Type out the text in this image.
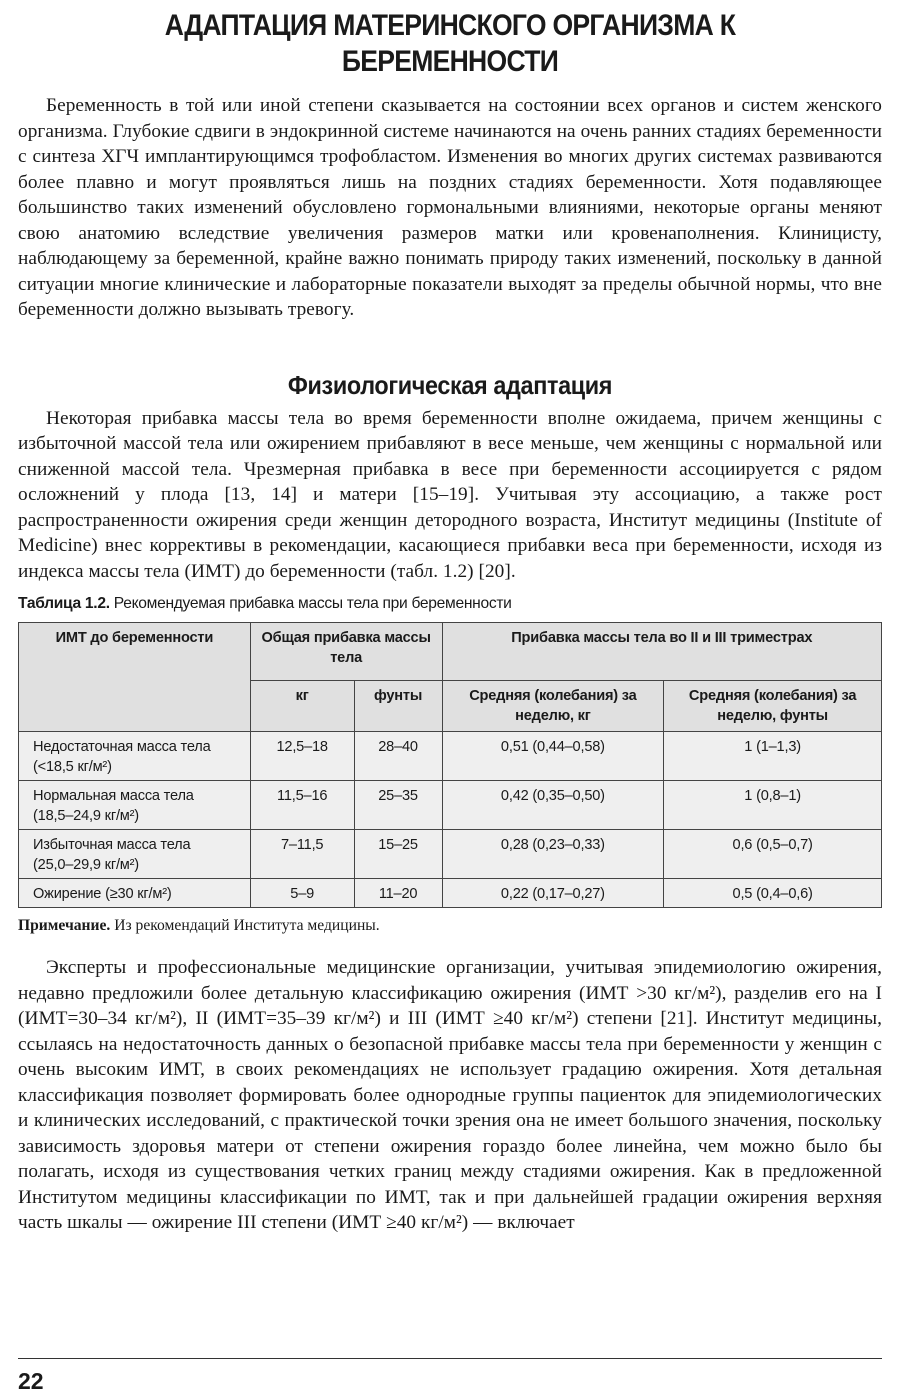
АДАПТАЦИЯ МАТЕРИНСКОГО ОРГАНИЗМА К БЕРЕМЕННОСТИ

Беременность в той или иной степени сказывается на состоянии всех органов и систем женского организма. Глубокие сдвиги в эндокринной системе начинаются на очень ранних стадиях беременности с синтеза ХГЧ имплантирующимся трофобластом. Изменения во многих других системах развиваются более плавно и могут проявляться лишь на поздних стадиях беременности. Хотя подавляющее большинство таких изменений обусловлено гормональными влияниями, некоторые органы меняют свою анатомию вследствие увеличения размеров матки или кровенаполнения. Клиницисту, наблюдающему за беременной, крайне важно понимать природу таких изменений, поскольку в данной ситуации многие клинические и лабораторные показатели выходят за пределы обычной нормы, что вне беременности должно вызывать тревогу.

Физиологическая адаптация

Некоторая прибавка массы тела во время беременности вполне ожидаема, причем женщины с избыточной массой тела или ожирением прибавляют в весе меньше, чем женщины с нормальной или сниженной массой тела. Чрезмерная прибавка в весе при беременности ассоциируется с рядом осложнений у плода [13, 14] и матери [15–19]. Учитывая эту ассоциацию, а также рост распространенности ожирения среди женщин детородного возраста, Институт медицины (Institute of Medicine) внес коррективы в рекомендации, касающиеся прибавки веса при беременности, исходя из индекса массы тела (ИМТ) до беременности (табл. 1.2) [20].

Таблица 1.2. Рекомендуемая прибавка массы тела при беременности
ИМТ до беременности	Общая прибавка массы тела		Прибавка массы тела во II и III триместрах	
	кг	фунты	Средняя (колебания) за неделю, кг	Средняя (колебания) за неделю, фунты

Недостаточная масса тела
(<18,5 кг/м²)	12,5–18	28–40	0,51 (0,44–0,58)	1 (1–1,3)

Нормальная масса тела
(18,5–24,9 кг/м²)	11,5–16	25–35	0,42 (0,35–0,50)	1 (0,8–1)

Избыточная масса тела
(25,0–29,9 кг/м²)	7–11,5	15–25	0,28 (0,23–0,33)	0,6 (0,5–0,7)

Ожирение (≥30 кг/м²)	5–9	11–20	0,22 (0,17–0,27)	0,5 (0,4–0,6)
Примечание. Из рекомендаций Института медицины.

Эксперты и профессиональные медицинские организации, учитывая эпидемиологию ожирения, недавно предложили более детальную классификацию ожирения (ИМТ >30 кг/м²), разделив его на I (ИМТ=30–34 кг/м²), II (ИМТ=35–39 кг/м²) и III (ИМТ ≥40 кг/м²) степени [21]. Институт медицины, ссылаясь на недостаточность данных о безопасной прибавке массы тела при беременности у женщин с очень высоким ИМТ, в своих рекомендациях не использует градацию ожирения. Хотя детальная классификация позволяет формировать более однородные группы пациенток для эпидемиологических и клинических исследований, с практической точки зрения она не имеет большого значения, поскольку зависимость здоровья матери от степени ожирения гораздо более линейна, чем можно было бы полагать, исходя из существования четких границ между стадиями ожирения. Как в предложенной Институтом медицины классификации по ИМТ, так и при дальнейшей градации ожирения верхняя часть шкалы — ожирение III степени (ИМТ ≥40 кг/м²) — включает

22
